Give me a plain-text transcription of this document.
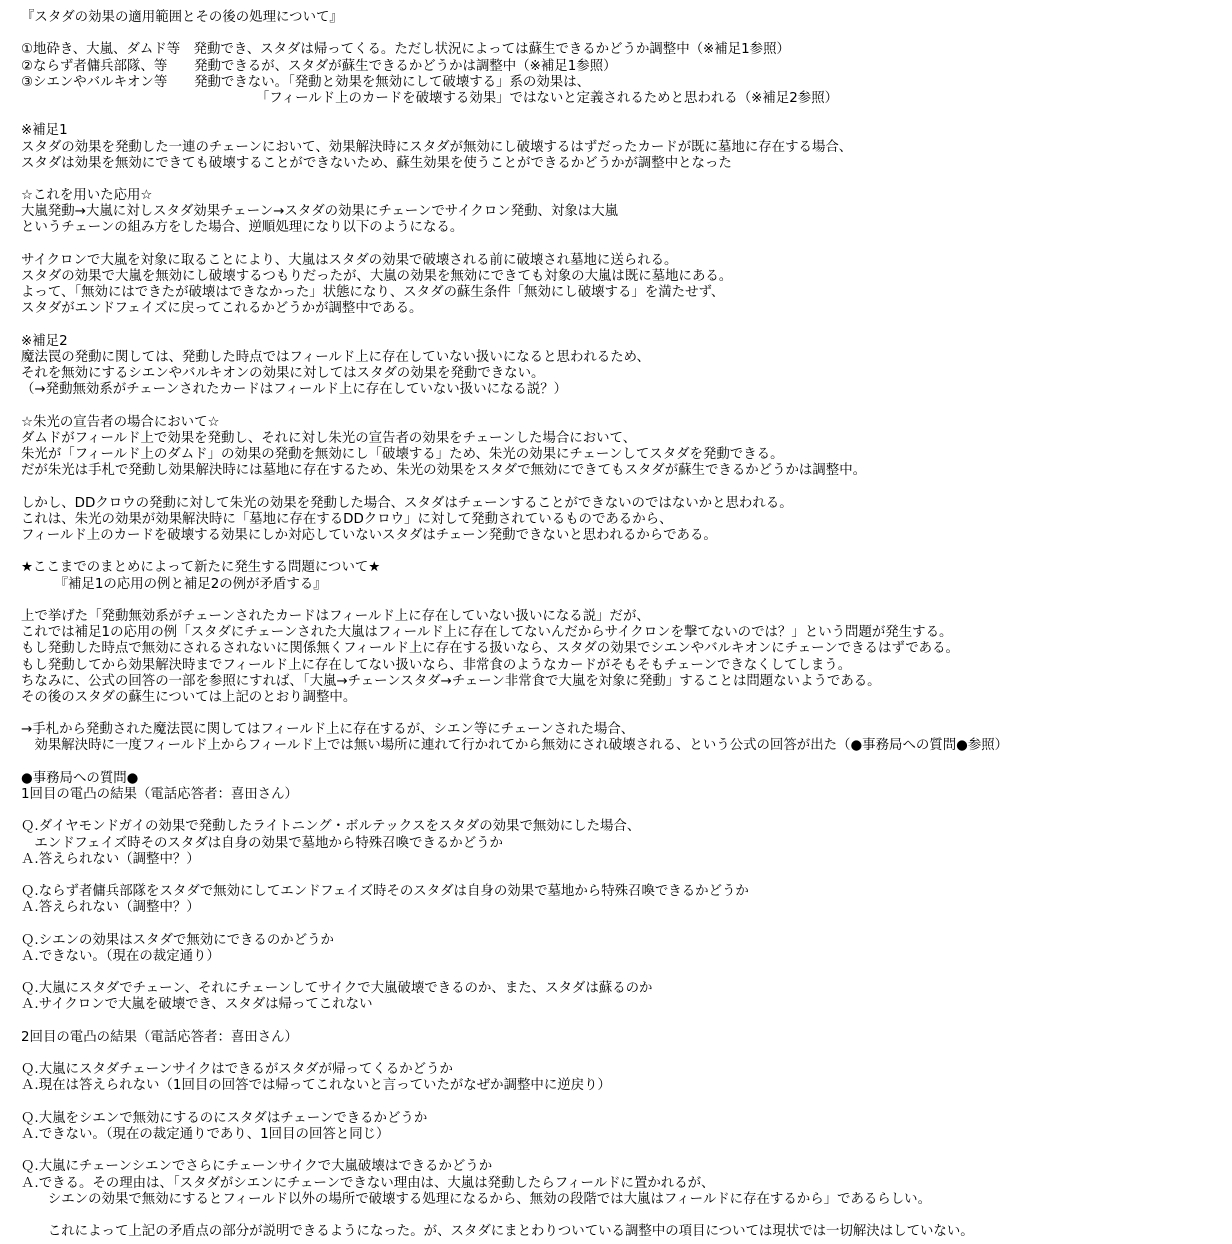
『スタダの効果の適用範囲とその後の処理について』
①地砕き、大嵐、ダムド等　発動でき、スタダは帰ってくる。ただし状況によっては蘇生できるかどうか調整中（※補足1参照）
②ならず者傭兵部隊、等　　発動できるが、スタダが蘇生できるかどうかは調整中（※補足1参照）
③シエンやバルキオン等　　発動できない。「発動と効果を無効にして破壊する」系の効果は、
　　　　　　　　　　　　　　　　　　「フィールド上のカードを破壊する効果」ではないと定義されるためと思われる（※補足2参照）
※補足1
スタダの効果を発動した一連のチェーンにおいて、効果解決時にスタダが無効にし破壊するはずだったカードが既に墓地に存在する場合、
スタダは効果を無効にできても破壊することができないため、蘇生効果を使うことができるかどうかが調整中となった
☆これを用いた応用☆
大嵐発動→大嵐に対しスタダ効果チェーン→スタダの効果にチェーンでサイクロン発動、対象は大嵐
というチェーンの組み方をした場合、逆順処理になり以下のようになる。
サイクロンで大嵐を対象に取ることにより、大嵐はスタダの効果で破壊される前に破壊され墓地に送られる。
スタダの効果で大嵐を無効にし破壊するつもりだったが、大嵐の効果を無効にできても対象の大嵐は既に墓地にある。
よって、「無効にはできたが破壊はできなかった」状態になり、スタダの蘇生条件「無効にし破壊する」を満たせず、
スタダがエンドフェイズに戻ってこれるかどうかが調整中である。
※補足2
魔法罠の発動に関しては、発動した時点ではフィールド上に存在していない扱いになると思われるため、
それを無効にするシエンやバルキオンの効果に対してはスタダの効果を発動できない。
（→発動無効系がチェーンされたカードはフィールド上に存在していない扱いになる説？）
☆朱光の宣告者の場合において☆
ダムドがフィールド上で効果を発動し、それに対し朱光の宣告者の効果をチェーンした場合において、
朱光が「フィールド上のダムド」の効果の発動を無効にし「破壊する」ため、朱光の効果にチェーンしてスタダを発動できる。
だが朱光は手札で発動し効果解決時には墓地に存在するため、朱光の効果をスタダで無効にできてもスタダが蘇生できるかどうかは調整中。
しかし、DDクロウの発動に対して朱光の効果を発動した場合、スタダはチェーンすることができないのではないかと思われる。
これは、朱光の効果が効果解決時に「墓地に存在するDDクロウ」に対して発動されているものであるから、
フィールド上のカードを破壊する効果にしか対応していないスタダはチェーン発動できないと思われるからである。
★ここまでのまとめによって新たに発生する問題について★
　　　『補足1の応用の例と補足2の例が矛盾する』
上で挙げた「発動無効系がチェーンされたカードはフィールド上に存在していない扱いになる説」だが、
これでは補足1の応用の例「スタダにチェーンされた大嵐はフィールド上に存在してないんだからサイクロンを撃てないのでは？」という問題が発生する。
もし発動した時点で無効にされるされないに関係無くフィールド上に存在する扱いなら、スタダの効果でシエンやバルキオンにチェーンできるはずである。
もし発動してから効果解決時までフィールド上に存在してない扱いなら、非常食のようなカードがそもそもチェーンできなくしてしまう。
ちなみに、公式の回答の一部を参照にすれば、「大嵐→チェーンスタダ→チェーン非常食で大嵐を対象に発動」することは問題ないようである。
その後のスタダの蘇生については上記のとおり調整中。
→手札から発動された魔法罠に関してはフィールド上に存在するが、シエン等にチェーンされた場合、
　効果解決時に一度フィールド上からフィールド上では無い場所に連れて行かれてから無効にされ破壊される、という公式の回答が出た（●事務局への質問●参照）
●事務局への質問●
1回目の電凸の結果（電話応答者：喜田さん）
Ｑ.ダイヤモンドガイの効果で発動したライトニング・ボルテックスをスタダの効果で無効にした場合、
　エンドフェイズ時そのスタダは自身の効果で墓地から特殊召喚できるかどうか
Ａ.答えられない（調整中？）
Ｑ.ならず者傭兵部隊をスタダで無効にしてエンドフェイズ時そのスタダは自身の効果で墓地から特殊召喚できるかどうか
Ａ.答えられない（調整中？）
Ｑ.シエンの効果はスタダで無効にできるのかどうか
Ａ.できない。（現在の裁定通り）
Ｑ.大嵐にスタダでチェーン、それにチェーンしてサイクで大嵐破壊できるのか、また、スタダは蘇るのか
Ａ.サイクロンで大嵐を破壊でき、スタダは帰ってこれない
2回目の電凸の結果（電話応答者：喜田さん）
Ｑ.大嵐にスタダチェーンサイクはできるがスタダが帰ってくるかどうか
Ａ.現在は答えられない（1回目の回答では帰ってこれないと言っていたがなぜか調整中に逆戻り）
Ｑ.大嵐をシエンで無効にするのにスタダはチェーンできるかどうか
Ａ.できない。（現在の裁定通りであり、1回目の回答と同じ）
Ｑ.大嵐にチェーンシエンでさらにチェーンサイクで大嵐破壊はできるかどうか
Ａ.できる。その理由は、「スタダがシエンにチェーンできない理由は、大嵐は発動したらフィールドに置かれるが、
　　シエンの効果で無効にするとフィールド以外の場所で破壊する処理になるから、無効の段階では大嵐はフィールドに存在するから」であるらしい。
　　これによって上記の矛盾点の部分が説明できるようになった。が、スタダにまとわりついている調整中の項目については現状では一切解決はしていない。
